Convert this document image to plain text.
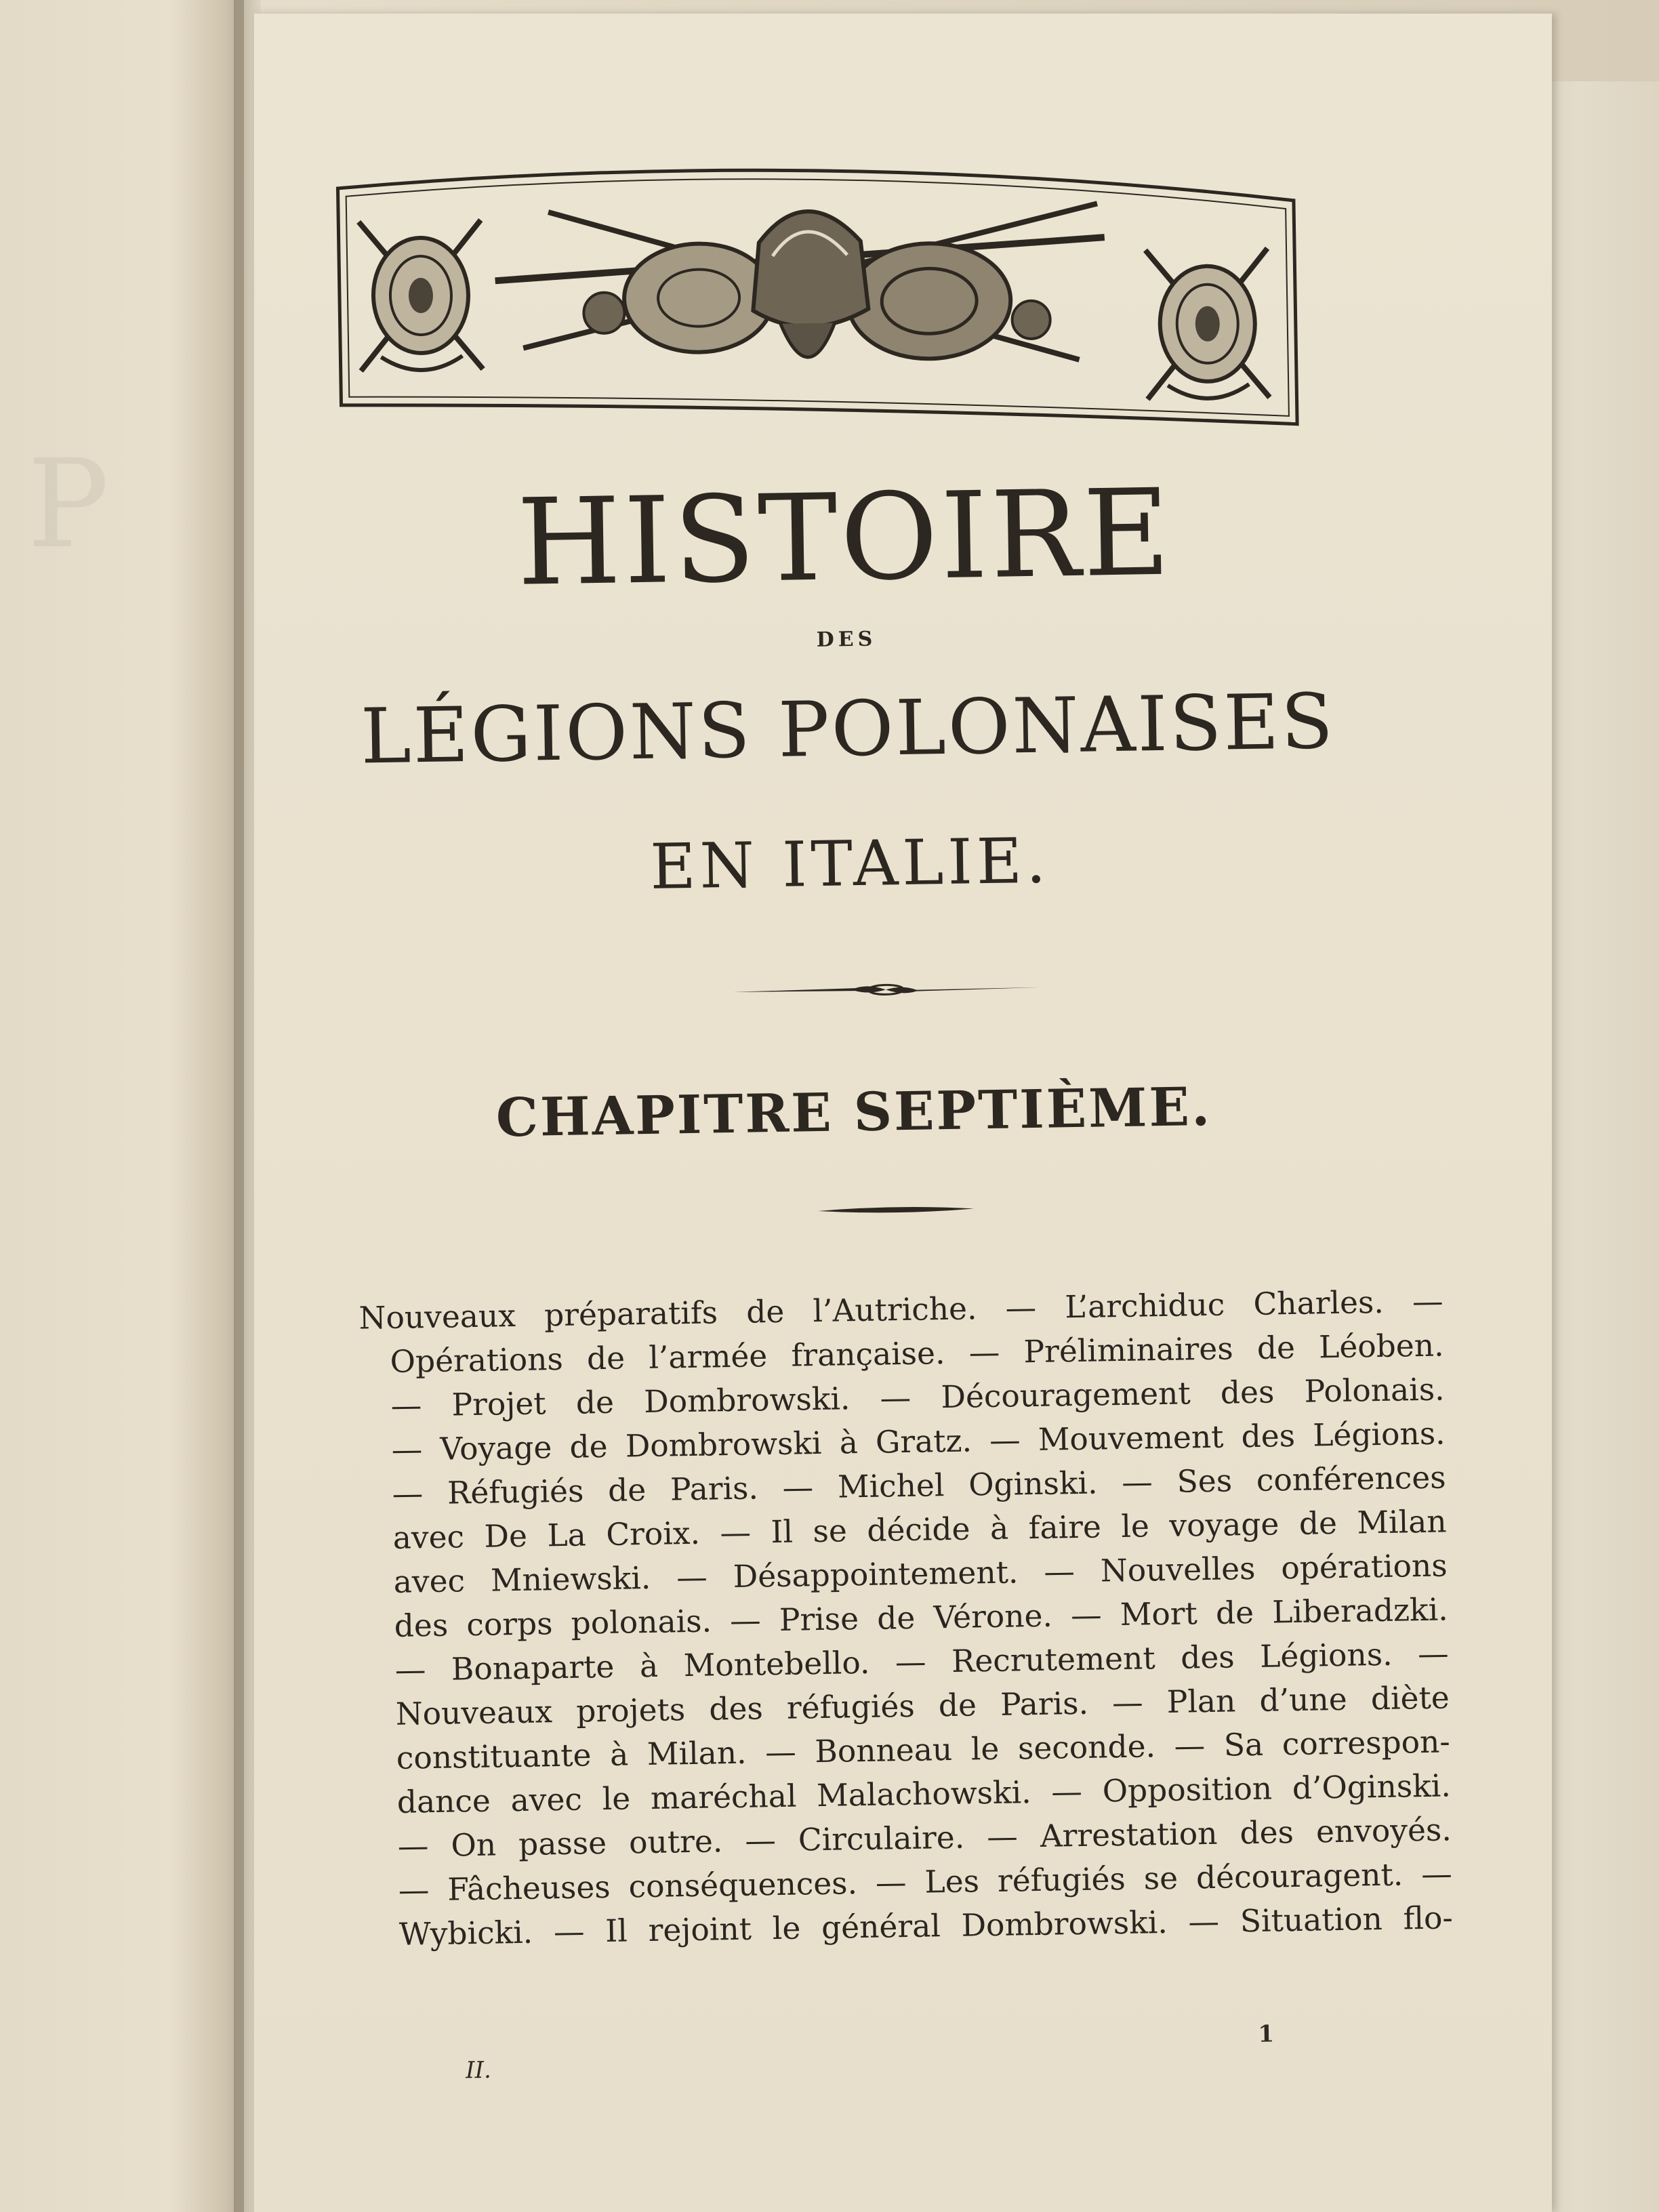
P	HISTOIRE
DES
LÉGIONS POLONAISES
EN ITALIE.
CHAPITRE SEPTIÈME.
Nouveaux préparatifs de l’Autriche. — L’archiduc Charles. —
Opérations de l’armée française. — Préliminaires de Léoben.
— Projet de Dombrowski. — Découragement des Polonais.
— Voyage de Dombrowski à Gratz. — Mouvement des Légions.
— Réfugiés de Paris. — Michel Oginski. — Ses conférences
avec De La Croix. — Il se décide à faire le voyage de Milan
avec Mniewski. — Désappointement. — Nouvelles opérations
des corps polonais. — Prise de Vérone. — Mort de Liberadzki.
— Bonaparte à Montebello. — Recrutement des Légions. —
Nouveaux projets des réfugiés de Paris. — Plan d’une diète
constituante à Milan. — Bonneau le seconde. — Sa correspon-
dance avec le maréchal Malachowski. — Opposition d’Oginski.
— On passe outre. — Circulaire. — Arrestation des envoyés.
— Fâcheuses conséquences. — Les réfugiés se découragent. —
Wybicki. — Il rejoint le général Dombrowski. — Situation flo-
II.
1
